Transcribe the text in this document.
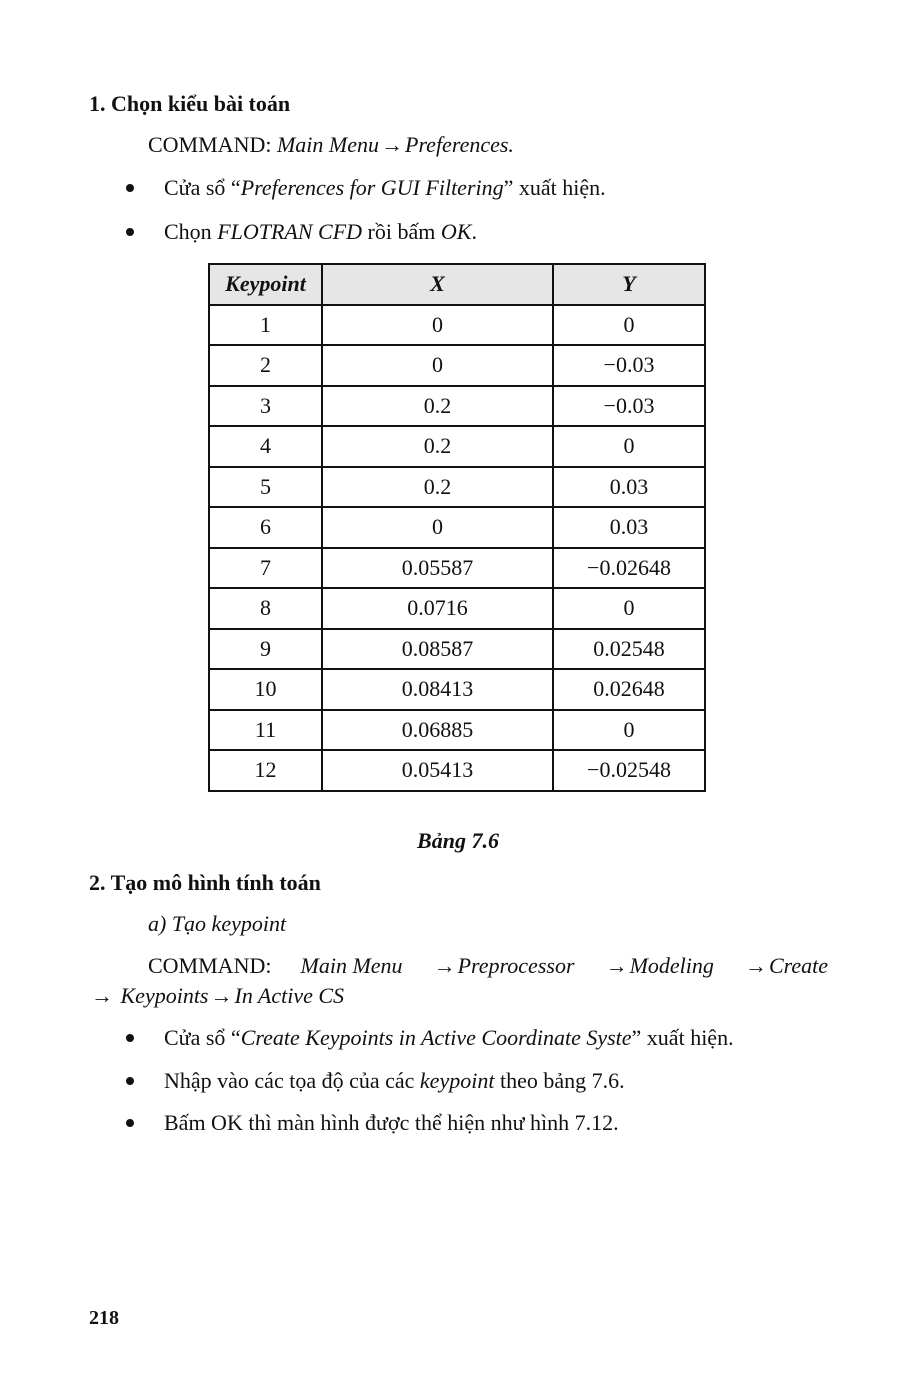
1. Chọn kiểu bài toán
COMMAND: Main Menu→Preferences.
Cửa sổ “Preferences for GUI Filtering” xuất hiện.
Chọn FLOTRAN CFD rồi bấm OK.
Keypoint	X	Y
1	0	0
2	0	−0.03
3	0.2	−0.03
4	0.2	0
5	0.2	0.03
6	0	0.03
7	0.05587	−0.02648
8	0.0716	0
9	0.08587	0.02548
10	0.08413	0.02648
11	0.06885	0
12	0.05413	−0.02548
Bảng 7.6
2. Tạo mô hình tính toán
a) Tạo keypoint
COMMAND: Main Menu →Preprocessor →Modeling →Create
→ Keypoints→In Active CS
Cửa sổ “Create Keypoints in Active Coordinate Syste” xuất hiện.
Nhập vào các tọa độ của các keypoint theo bảng 7.6.
Bấm OK thì màn hình được thể hiện như hình 7.12.
218
